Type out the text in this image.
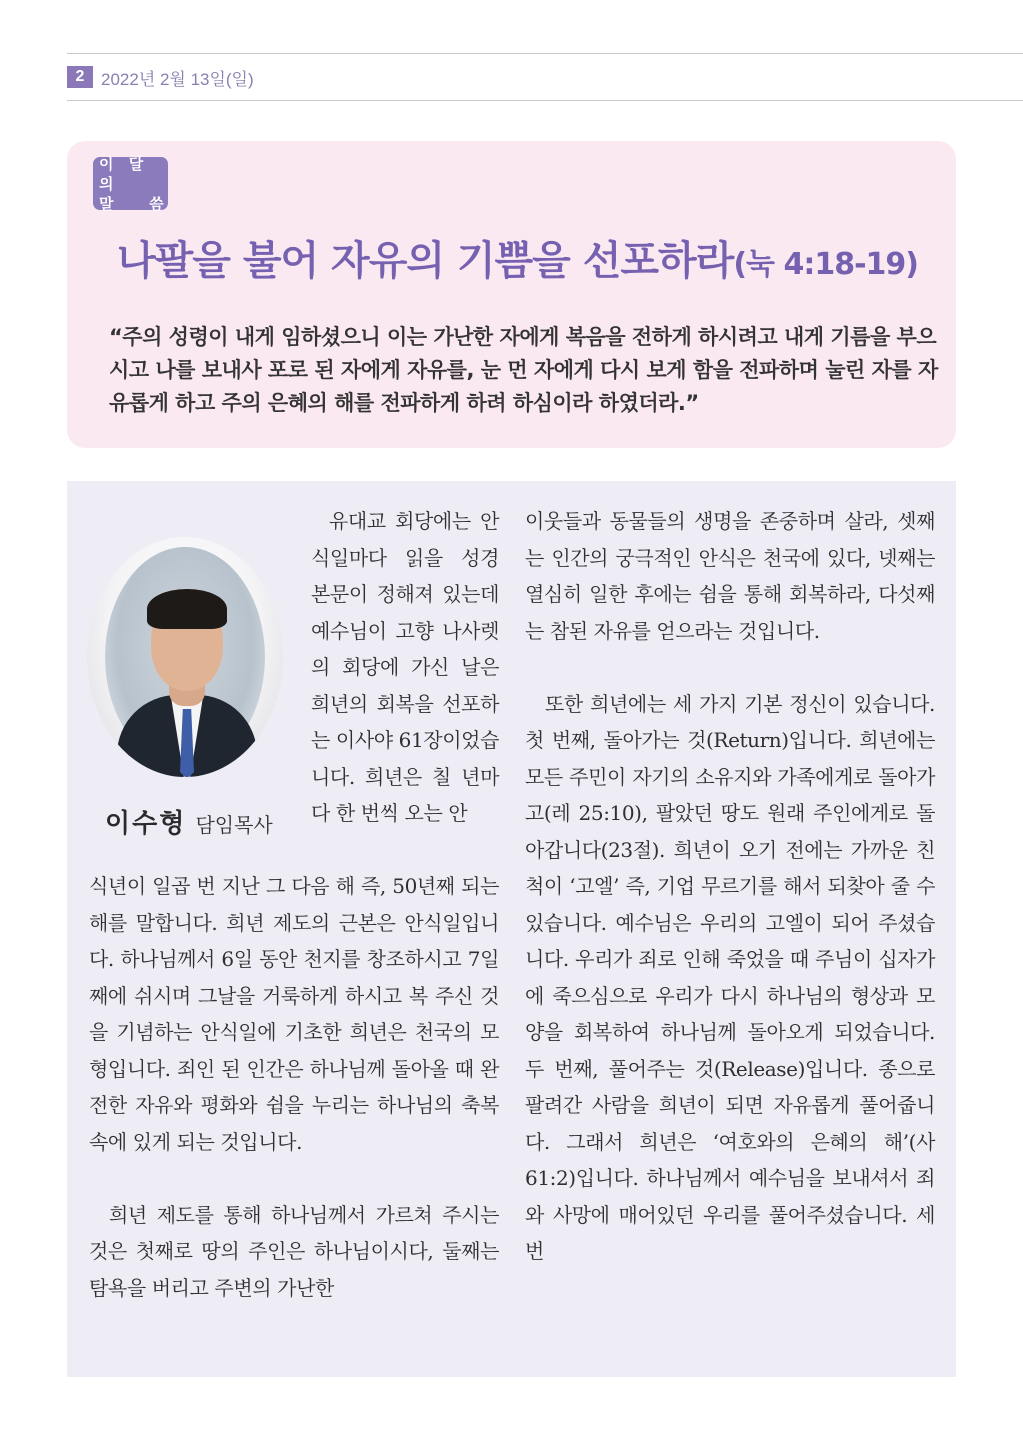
2 2022년 2월 13일(일)
이 달 의
말   씀
나팔을 불어 자유의 기쁨을 선포하라(눅 4:18-19)
“주의 성령이 내게 임하셨으니 이는 가난한 자에게 복음을 전하게 하시려고 내게 기름을 부으시고 나를 보내사 포로 된 자에게 자유를, 눈 먼 자에게 다시 보게 함을 전파하며 눌린 자를 자유롭게 하고 주의 은혜의 해를 전파하게 하려 하심이라 하였더라.”
이수형 담임목사

유대교 회당에는 안식일마다 읽을 성경 본문이 정해져 있는데 예수님이 고향 나사렛의 회당에 가신 날은 희년의 회복을 선포하는 이사야 61장이었습니다. 희년은 칠 년마다 한 번씩 오는 안

식년이 일곱 번 지난 그 다음 해 즉, 50년째 되는 해를 말합니다. 희년 제도의 근본은 안식일입니다. 하나님께서 6일 동안 천지를 창조하시고 7일째에 쉬시며 그날을 거룩하게 하시고 복 주신 것을 기념하는 안식일에 기초한 희년은 천국의 모형입니다. 죄인 된 인간은 하나님께 돌아올 때 완전한 자유와 평화와 쉼을 누리는 하나님의 축복 속에 있게 되는 것입니다.

희년 제도를 통해 하나님께서 가르쳐 주시는 것은 첫째로 땅의 주인은 하나님이시다, 둘째는 탐욕을 버리고 주변의 가난한

이웃들과 동물들의 생명을 존중하며 살라, 셋째는 인간의 궁극적인 안식은 천국에 있다, 넷째는 열심히 일한 후에는 쉼을 통해 회복하라, 다섯째는 참된 자유를 얻으라는 것입니다.

또한 희년에는 세 가지 기본 정신이 있습니다. 첫 번째, 돌아가는 것(Return)입니다. 희년에는 모든 주민이 자기의 소유지와 가족에게로 돌아가고(레 25:10), 팔았던 땅도 원래 주인에게로 돌아갑니다(23절). 희년이 오기 전에는 가까운 친척이 ‘고엘’ 즉, 기업 무르기를 해서 되찾아 줄 수 있습니다. 예수님은 우리의 고엘이 되어 주셨습니다. 우리가 죄로 인해 죽었을 때 주님이 십자가에 죽으심으로 우리가 다시 하나님의 형상과 모양을 회복하여 하나님께 돌아오게 되었습니다. 두 번째, 풀어주는 것(Release)입니다. 종으로 팔려간 사람을 희년이 되면 자유롭게 풀어줍니다. 그래서 희년은 ‘여호와의 은혜의 해’(사 61:2)입니다. 하나님께서 예수님을 보내셔서 죄와 사망에 매어있던 우리를 풀어주셨습니다. 세 번
